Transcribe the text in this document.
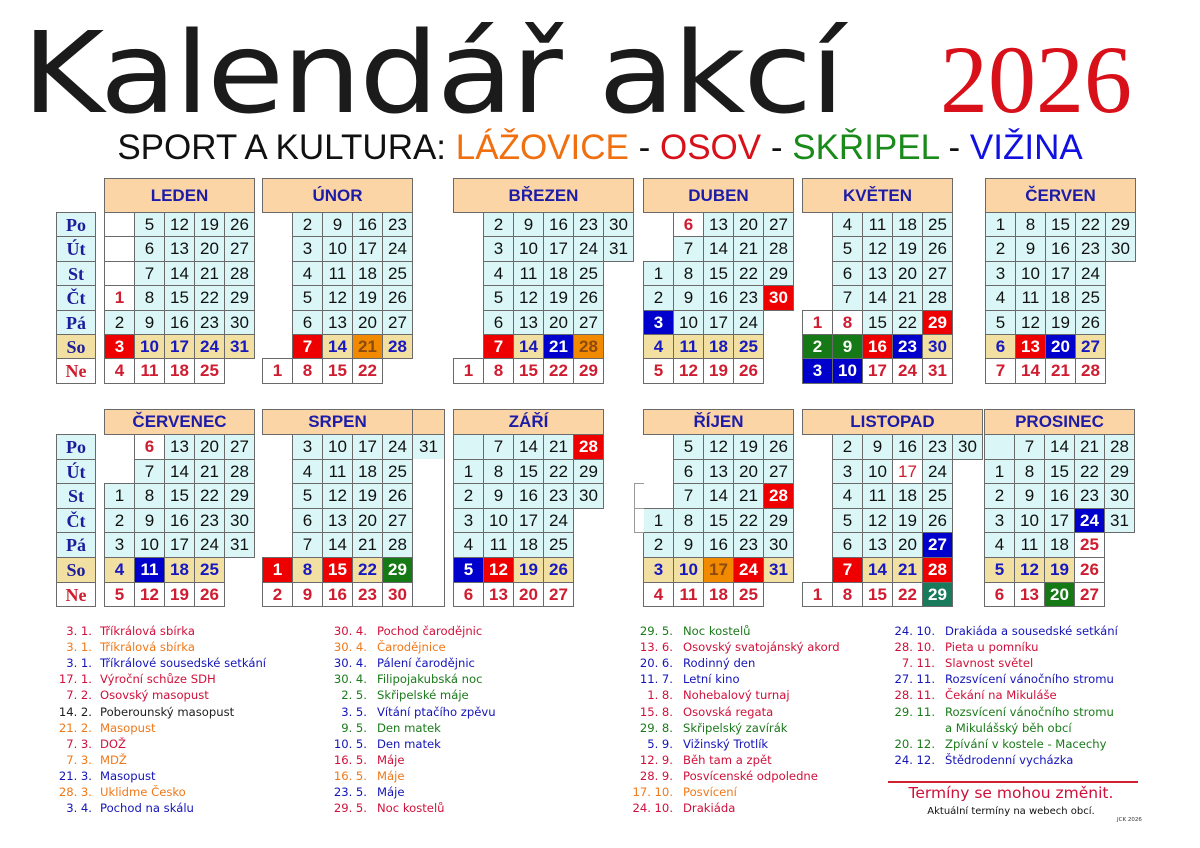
Kalendář akcí 2026
SPORT A KULTURA: LÁŽOVICE - OSOV - SKŘIPEL - VIŽINA
Po
Út
St
Čt
Pá
So
Ne
Po
Út
St
Čt
Pá
So
Ne
LEDEN
1
2
3
4
5
6
7
8
9
10
11
12
13
14
15
16
17
18
19
20
21
22
23
24
25
26
27
28
29
30
31
ÚNOR
1
2
3
4
5
6
7
8
9
10
11
12
13
14
15
16
17
18
19
20
21
22
23
24
25
26
27
28
BŘEZEN
1
2
3
4
5
6
7
8
9
10
11
12
13
14
15
16
17
18
19
20
21
22
23
24
25
26
27
28
29
30
31
DUBEN
1
2
3
4
5
6
7
8
9
10
11
12
13
14
15
16
17
18
19
20
21
22
23
24
25
26
27
28
29
30
KVĚTEN
1
2
3
4
5
6
7
8
9
10
11
12
13
14
15
16
17
18
19
20
21
22
23
24
25
26
27
28
29
30
31
ČERVEN
1
2
3
4
5
6
7
8
9
10
11
12
13
14
15
16
17
18
19
20
21
22
23
24
25
26
27
28
29
30
ČERVENEC
1
2
3
4
5
6
7
8
9
10
11
12
13
14
15
16
17
18
19
20
21
22
23
24
25
26
27
28
29
30
31
SRPEN
1
2
3
4
5
6
7
8
9
10
11
12
13
14
15
16
17
18
19
20
21
22
23
24
25
26
27
28
29
30
31
ZÁŘÍ
1
2
3
4
5
6
7
8
9
10
11
12
13
14
15
16
17
18
19
20
21
22
23
24
25
26
27
28
29
30
ŘÍJEN
1
2
3
4
5
6
7
8
9
10
11
12
13
14
15
16
17
18
19
20
21
22
23
24
25
26
27
28
29
30
31
LISTOPAD
1
2
3
4
5
6
7
8
9
10
11
12
13
14
15
16
17
18
19
20
21
22
23
24
25
26
27
28
29
30
PROSINEC
1
2
3
4
5
6
7
8
9
10
11
12
13
14
15
16
17
18
19
20
21
22
23
24
25
26
27
28
29
30
31
3. 1. Tříkrálová sbírka
3. 1. Tříkrálová sbírka
3. 1. Tříkrálové sousedské setkání
17. 1. Výroční schůze SDH
7. 2. Osovský masopust
14. 2. Poberounský masopust
21. 2. Masopust
7. 3. DOŽ
7. 3. MDŽ
21. 3. Masopust
28. 3. Uklidme Česko
3. 4. Pochod na skálu
30. 4. Pochod čarodějnic
30. 4. Čarodějnice
30. 4. Pálení čarodějnic
30. 4. Filipojakubská noc
2. 5. Skřipelské máje
3. 5. Vítání ptačího zpěvu
9. 5. Den matek
10. 5. Den matek
16. 5. Máje
16. 5. Máje
23. 5. Máje
29. 5. Noc kostelů
29. 5. Noc kostelů
13. 6. Osovský svatojánský akord
20. 6. Rodinný den
11. 7. Letní kino
1. 8. Nohebalový turnaj
15. 8. Osovská regata
29. 8. Skřipelský zavírák
5. 9. Vižinský Trotlík
12. 9. Běh tam a zpět
28. 9. Posvícenské odpoledne
17. 10. Posvícení
24. 10. Drakiáda
24. 10. Drakiáda a sousedské setkání
28. 10. Pieta u pomníku
7. 11. Slavnost světel
27. 11. Rozsvícení vánočního stromu
28. 11. Čekání na Mikuláše
29. 11. Rozsvícení vánočního stromu
a Mikulášský běh obcí
20. 12. Zpívání v kostele - Macechy
24. 12. Štědrodenní vycházka
Termíny se mohou změnit.
Aktuální termíny na webech obcí.
JCK 2026
